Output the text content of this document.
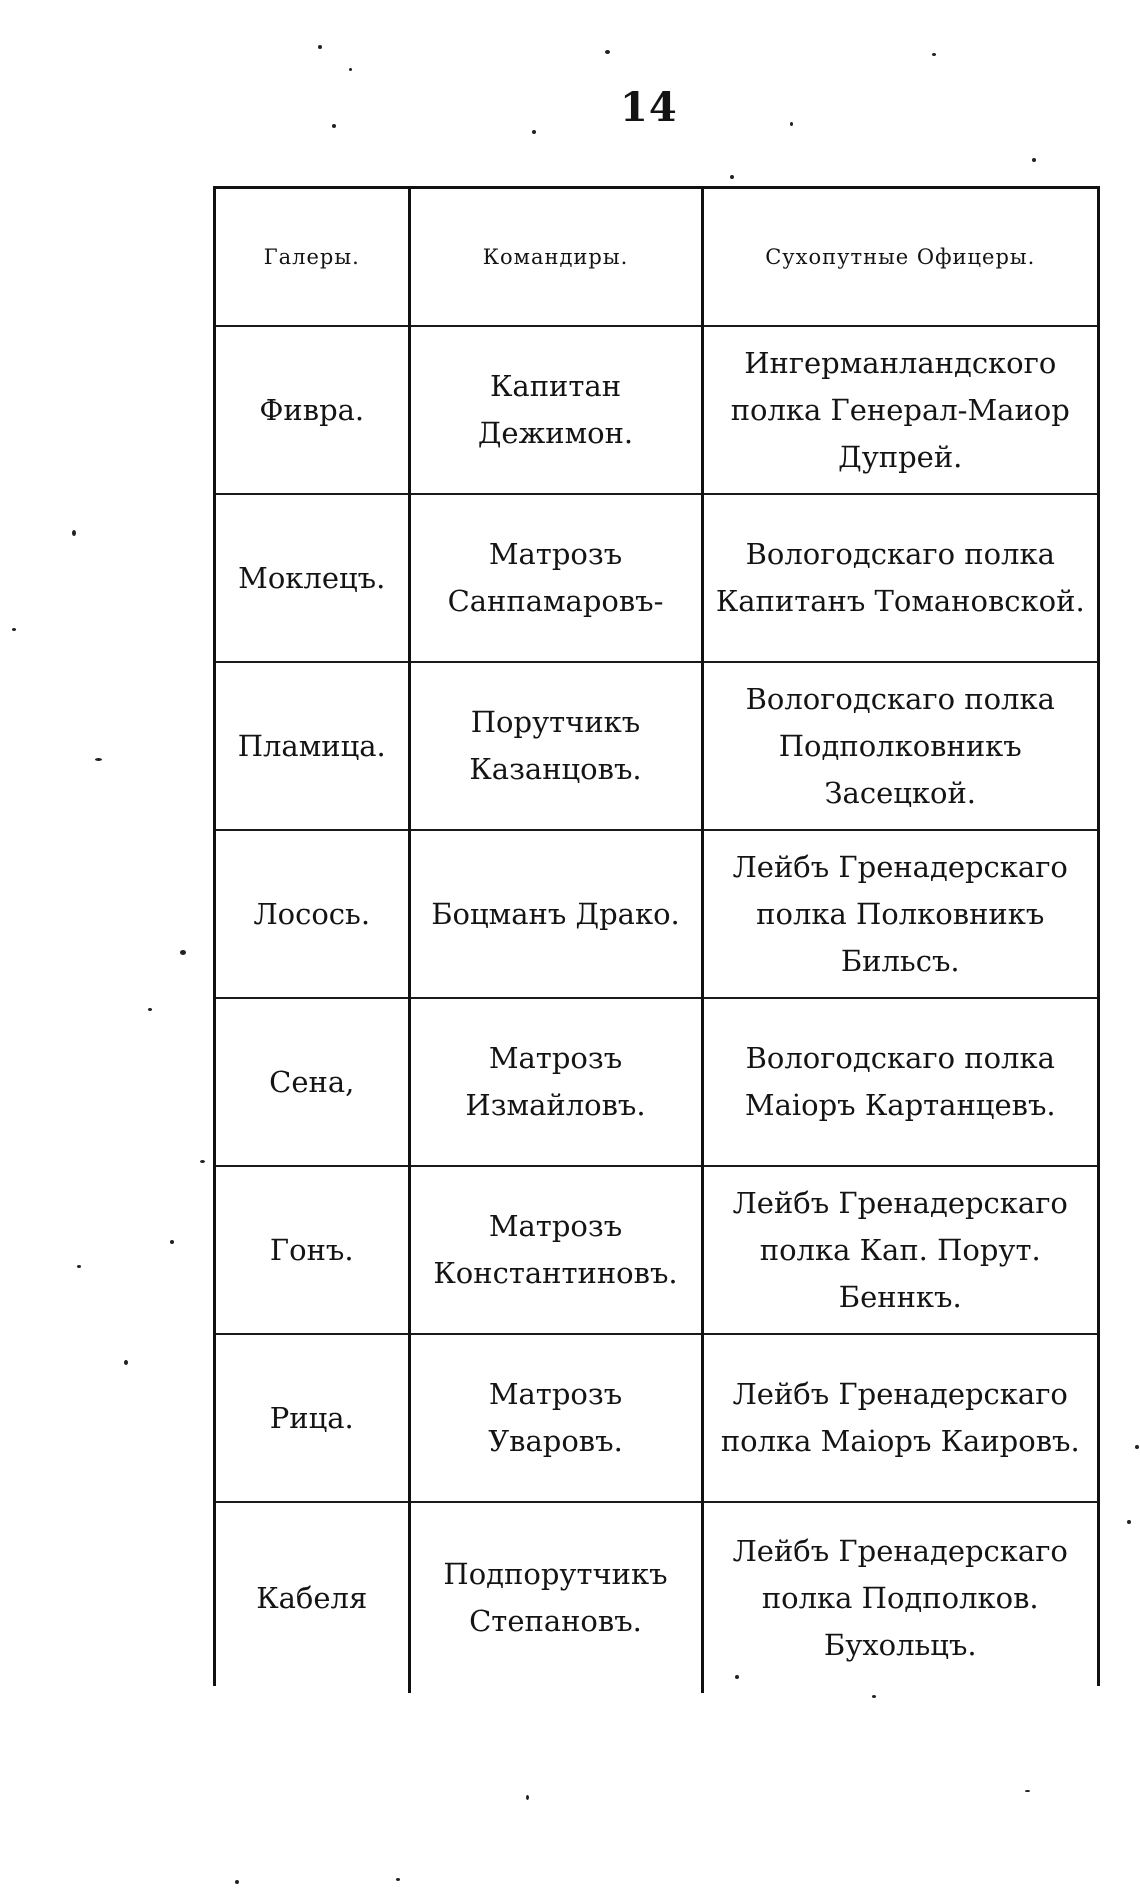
14
Галеры.	Командиры.	Сухопутные Офицеры.
Фивра.	Капитан Дежимон.	Ингерманландского полка Генерал-Маиор Дупрей.
Моклецъ.	Матрозъ Санпамаровъ-	Вологодскаго полка Капитанъ Томановской.
Пламица.	Порутчикъ Казанцовъ.	Вологодскаго полка Подполковникъ Засецкой.
Лосось.	Боцманъ Драко.	Лейбъ Гренадерскаго полка Полковникъ Бильсъ.
Сена,	Матрозъ Измайловъ.	Вологодскаго полка Маіоръ Картанцевъ.
Гонъ.	Матрозъ Константиновъ.	Лейбъ Гренадерскаго полка Кап. Порут. Беннкъ.
Рица.	Матрозъ Уваровъ.	Лейбъ Гренадерскаго полка Маіоръ Каировъ.
Кабеля	Подпорутчикъ Степановъ.	Лейбъ Гренадерскаго полка Подполков. Бухольцъ.
